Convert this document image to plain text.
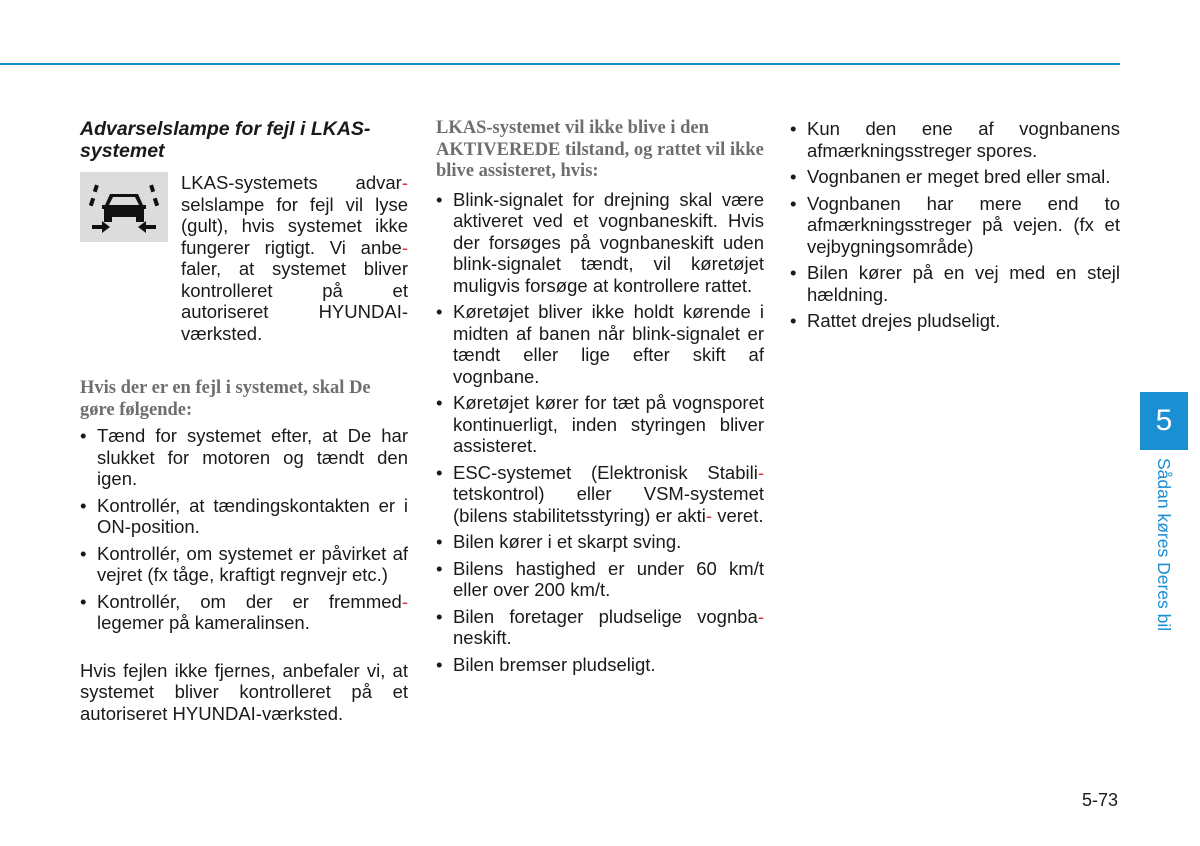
Advarselslampe for fejl i LKAS-systemet
LKAS-systemets advar- selslampe for fejl vil lyse (gult), hvis systemet ikke fungerer rigtigt. Vi anbe- faler, at systemet bliver kontrolleret på et autoriseret HYUNDAI-værksted.
Hvis der er en fejl i systemet, skal De gøre følgende:
• Tænd for systemet efter, at De har slukket for motoren og tændt den igen.
• Kontrollér, at tændingskontakten er i ON-position.
• Kontrollér, om systemet er påvirket af vejret (fx tåge, kraftigt regnvejr etc.)
• Kontrollér, om der er fremmed- legemer på kameralinsen.
Hvis fejlen ikke fjernes, anbefaler vi, at systemet bliver kontrolleret på et autoriseret HYUNDAI-værksted.
LKAS-systemet vil ikke blive i den AKTIVEREDE tilstand, og rattet vil ikke blive assisteret, hvis:
• Blink-signalet for drejning skal være aktiveret ved et vognbaneskift. Hvis der forsøges på vognbaneskift uden blink-signalet tændt, vil køretøjet muligvis forsøge at kontrollere rattet.
• Køretøjet bliver ikke holdt kørende i midten af banen når blink-signalet er tændt eller lige efter skift af vognbane.
• Køretøjet kører for tæt på vognsporet kontinuerligt, inden styringen bliver assisteret.
• ESC-systemet (Elektronisk Stabili- tetskontrol) eller VSM-systemet (bilens stabilitetsstyring) er akti- veret.
• Bilen kører i et skarpt sving.
• Bilens hastighed er under 60 km/t eller over 200 km/t.
• Bilen foretager pludselige vognba- neskift.
• Bilen bremser pludseligt.
• Kun den ene af vognbanens afmærkningsstreger spores.
• Vognbanen er meget bred eller smal.
• Vognbanen har mere end to afmærkningsstreger på vejen. (fx et vejbygningsområde)
• Bilen kører på en vej med en stejl hældning.
• Rattet drejes pludseligt.
5
Sådan køres Deres bil
5-73
